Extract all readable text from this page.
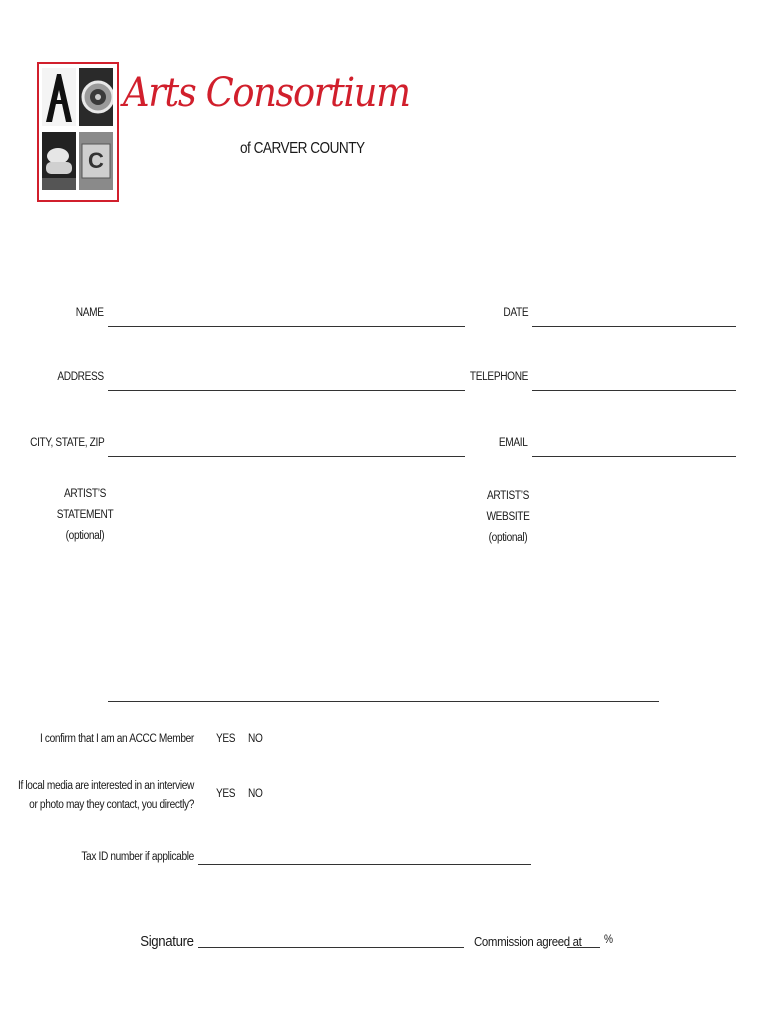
C
Arts Consortium
of CARVER COUNTY
NAME	DATE
ADDRESS	TELEPHONE
CITY, STATE, ZIP	EMAIL
ARTIST’S
STATEMENT
(optional)
ARTIST’S
WEBSITE
(optional)
I confirm that I am an ACCC Member YES NO
If local media are interested in an interview
or photo may they contact, you directly?
YES NO
Tax ID number if applicable
Signature	Commission agreed at %
